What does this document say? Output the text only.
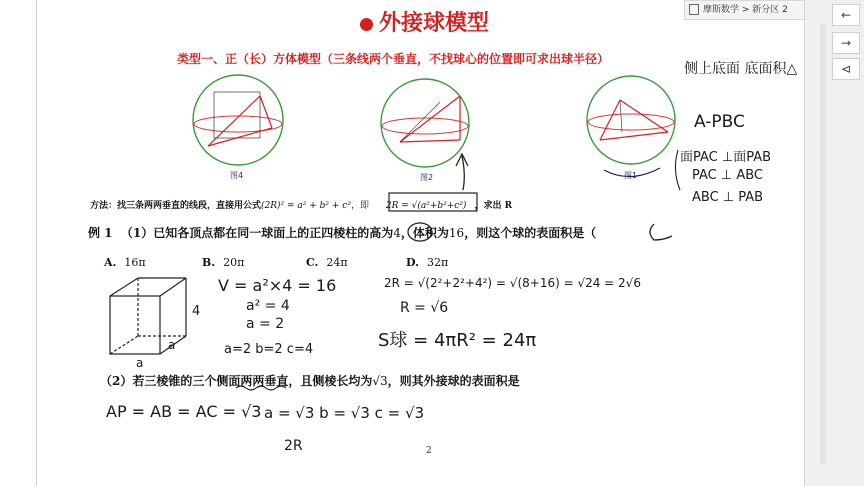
摩斯数学 > 新分区 2	←
→
⊲
外接球模型
类型一、正（长）方体模型（三条线两个垂直，不找球心的位置即可求出球半径）
图4	图2	图1
方法：找三条两两垂直的线段，直接用公式(2R)² = a² + b² + c²，即 2R = √(a²+b²+c²) ，求出 R
例 1 （1）已知各顶点都在同一球面上的正四棱柱的高为4，体积为16，则这个球的表面积是（
A. 16π	B. 20π	C. 24π	D. 32π
（2）若三棱锥的三个侧面两两垂直，且侧棱长均为√3，则其外接球的表面积是
2
侧上底面 底面积△
A-PBC
面PAC ⊥面PAB
PAC ⊥ ABC
ABC ⊥ PAB
V = a²×4 = 16
a² = 4
a = 2
a=2 b=2 c=4
2R = √(2²+2²+4²) = √(8+16) = √24 = 2√6
R = √6
S球 = 4πR² = 24π
AP = AB = AC = √3 a = √3 b = √3 c = √3
2R
4
a
a
